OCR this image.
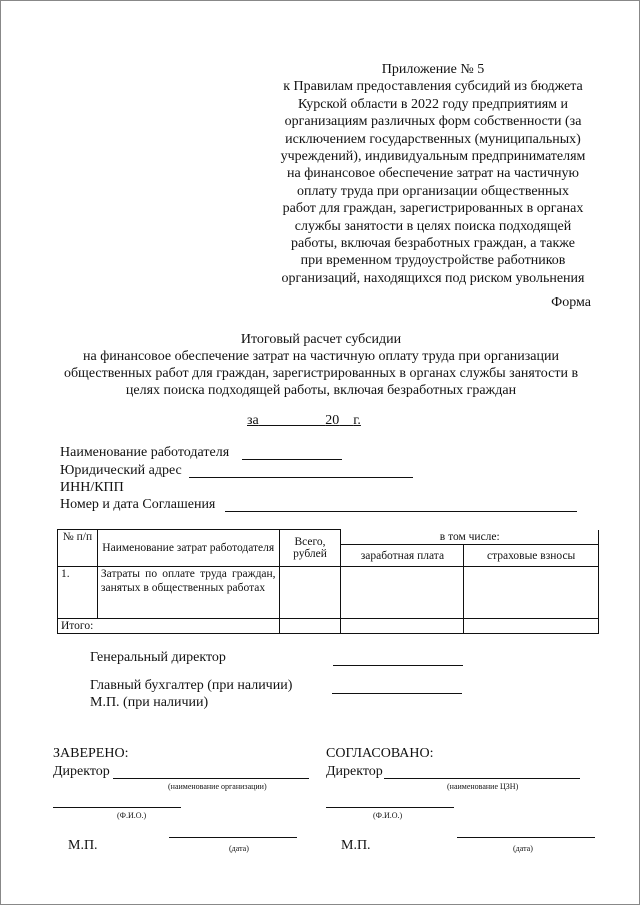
Приложение № 5
к Правилам предоставления субсидий из бюджета
Курской области в 2022 году предприятиям и
организациям различных форм собственности (за
исключением государственных (муниципальных)
учреждений), индивидуальным предпринимателям
на финансовое обеспечение затрат на частичную
оплату труда при организации общественных
работ для граждан, зарегистрированных в органах
службы занятости в целях поиска подходящей
работы, включая безработных граждан, а также
при временном трудоустройстве работников
организаций, находящихся под риском увольнения
Форма
Итоговый расчет субсидии
на финансовое обеспечение затрат на частичную оплату труда при организации
общественных работ для граждан, зарегистрированных в органах службы занятости в
целях поиска подходящей работы, включая безработных граждан
за	20 г.
Наименование работодателя
Юридический адрес
ИНН/КПП
Номер и дата Соглашения
№ п/п	Наименование затрат работодателя	Всего, рублей	в том числе:	
			заработная плата	страховые взносы
1.	Затраты по оплате труда граждан, занятых в общественных работах			
Итого:				
Генеральный директор
Главный бухгалтер (при наличии)
М.П. (при наличии)
ЗАВЕРЕНО:
Директор
(наименование организации)
(Ф.И.О.)
М.П.	(дата)
СОГЛАСОВАНО:
Директор
(наименование ЦЗН)
(Ф.И.О.)
М.П.	(дата)
